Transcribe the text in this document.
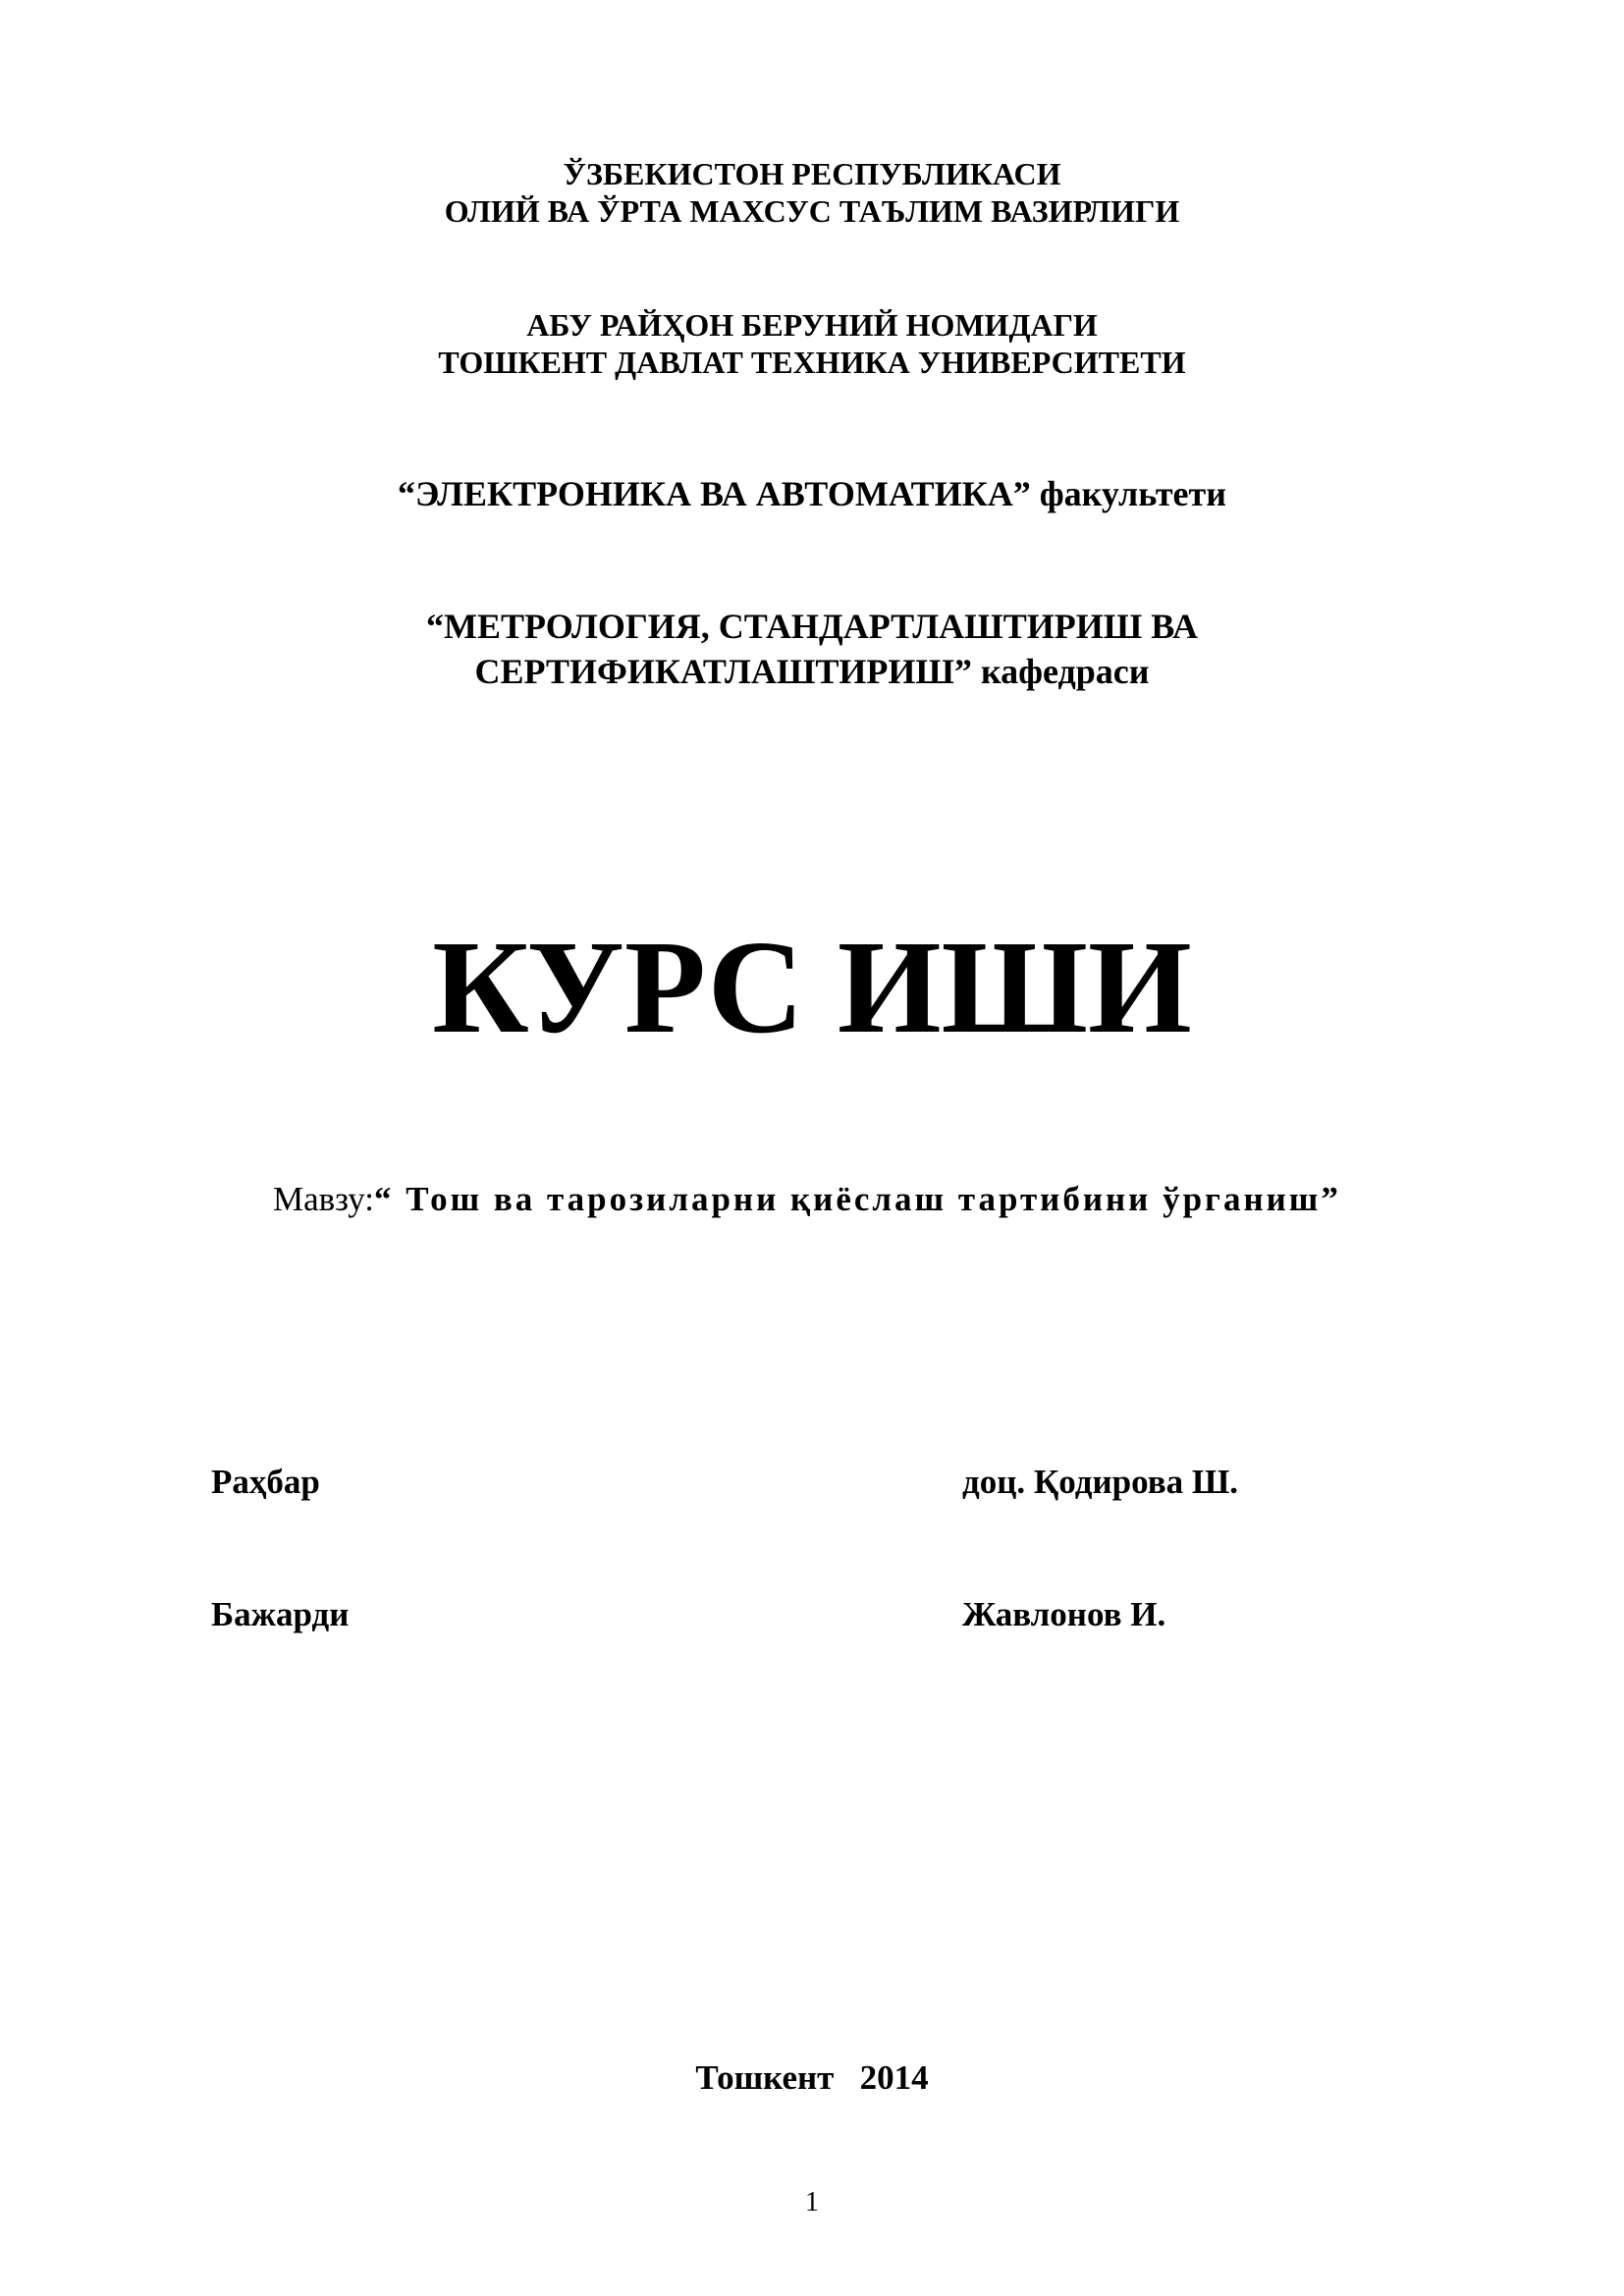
ЎЗБЕКИСТОН РЕСПУБЛИКАСИ
ОЛИЙ ВА ЎРТА МАХСУС ТАЪЛИМ ВАЗИРЛИГИ
АБУ РАЙҲОН БЕРУНИЙ НОМИДАГИ
ТОШКЕНТ ДАВЛАТ ТЕХНИКА УНИВЕРСИТЕТИ
“ЭЛЕКТРОНИКА ВА АВТОМАТИКА” факультети
“МЕТРОЛОГИЯ, СТАНДАРТЛАШТИРИШ ВА
СЕРТИФИКАТЛАШТИРИШ” кафедраси
КУРС ИШИ
Мавзу:“ Тош ва тарозиларни қиёслаш тартибини ўрганиш”
Раҳбар	доц. Қодирова Ш.
Бажарди	Жавлонов И.
Тошкент   2014
1
